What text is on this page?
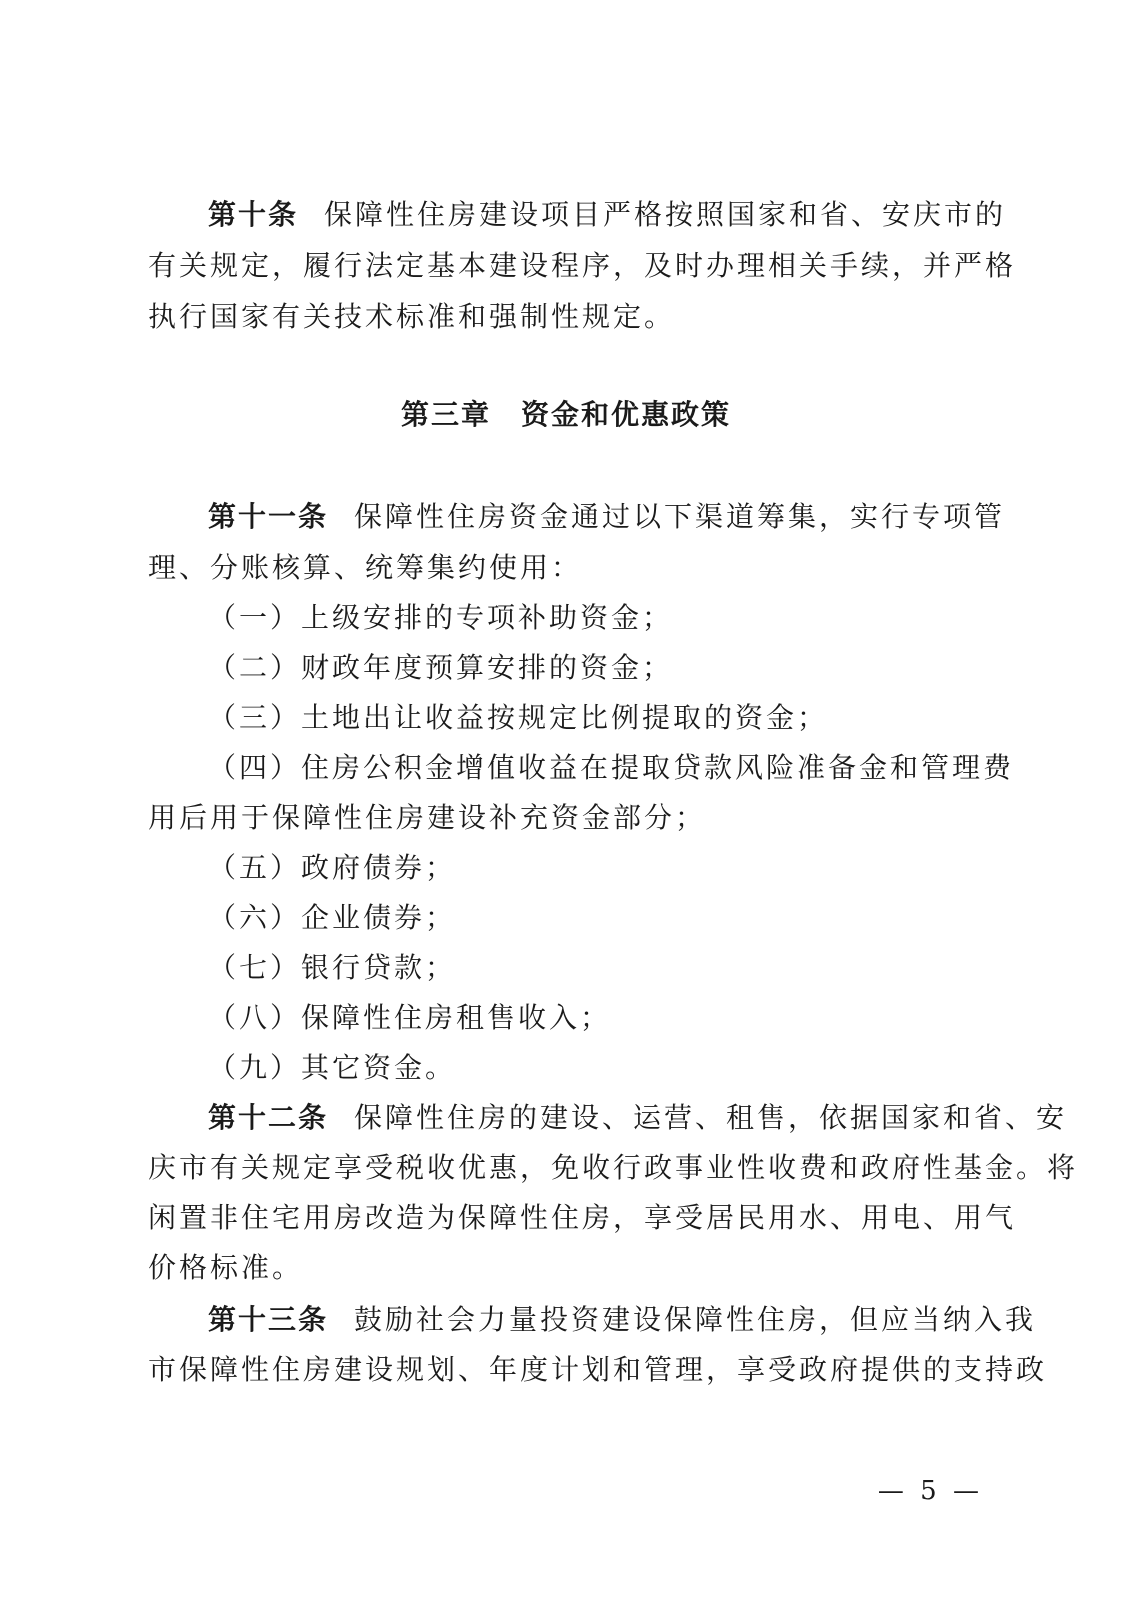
第十条 保障性住房建设项目严格按照国家和省、安庆市的
有关规定，履行法定基本建设程序，及时办理相关手续，并严格
执行国家有关技术标准和强制性规定。
第三章 资金和优惠政策
第十一条 保障性住房资金通过以下渠道筹集，实行专项管
理、分账核算、统筹集约使用：
（一）上级安排的专项补助资金；
（二）财政年度预算安排的资金；
（三）土地出让收益按规定比例提取的资金；
（四）住房公积金增值收益在提取贷款风险准备金和管理费
用后用于保障性住房建设补充资金部分；
（五）政府债券；
（六）企业债券；
（七）银行贷款；
（八）保障性住房租售收入；
（九）其它资金。
第十二条 保障性住房的建设、运营、租售，依据国家和省、安
庆市有关规定享受税收优惠，免收行政事业性收费和政府性基金。将
闲置非住宅用房改造为保障性住房，享受居民用水、用电、用气
价格标准。
第十三条 鼓励社会力量投资建设保障性住房，但应当纳入我
市保障性住房建设规划、年度计划和管理，享受政府提供的支持政
— 5 —
